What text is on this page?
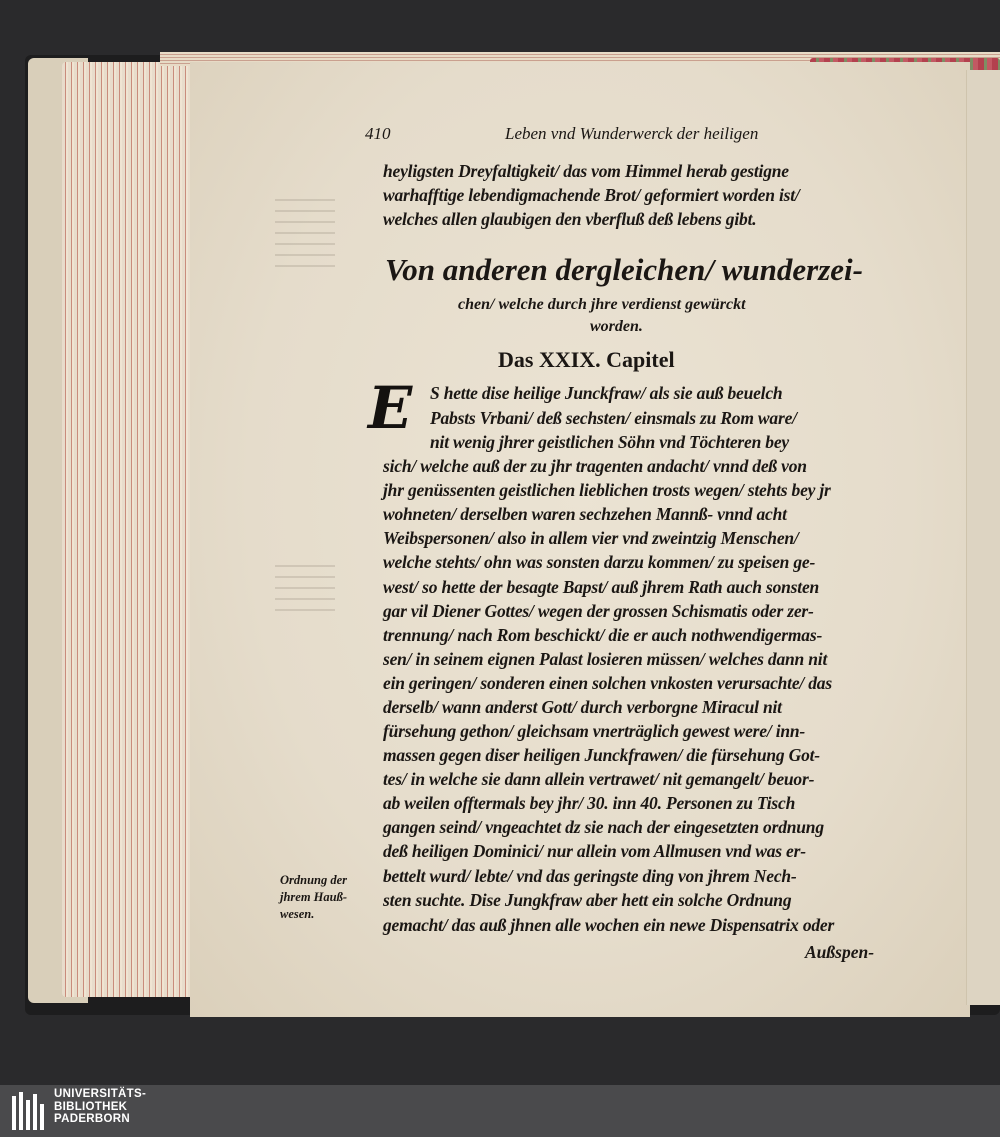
410	Leben vnd Wunderwerck der heiligen
heyligsten Dreyfaltigkeit/ das vom Himmel herab gestigne
warhafftige lebendigmachende Brot/ geformiert worden ist/
welches allen glaubigen den vberfluß deß lebens gibt.
Von anderen dergleichen/ wunderzei-
chen/ welche durch jhre verdienst gewürckt
worden.
Das XXIX. Capitel
E S hette dise heilige Junckfraw/ als sie auß beuelch
Pabsts Vrbani/ deß sechsten/ einsmals zu Rom ware/
nit wenig jhrer geistlichen Söhn vnd Töchteren bey
sich/ welche auß der zu jhr tragenten andacht/ vnnd deß von
jhr genüssenten geistlichen lieblichen trosts wegen/ stehts bey jr
wohneten/ derselben waren sechzehen Mannß- vnnd acht
Weibspersonen/ also in allem vier vnd zweintzig Menschen/
welche stehts/ ohn was sonsten darzu kommen/ zu speisen ge-
west/ so hette der besagte Bapst/ auß jhrem Rath auch sonsten
gar vil Diener Gottes/ wegen der grossen Schismatis oder zer-
trennung/ nach Rom beschickt/ die er auch nothwendigermas-
sen/ in seinem eignen Palast losieren müssen/ welches dann nit
ein geringen/ sonderen einen solchen vnkosten verursachte/ das
derselb/ wann anderst Gott/ durch verborgne Miracul nit
fürsehung gethon/ gleichsam vnerträglich gewest were/ inn-
massen gegen diser heiligen Junckfrawen/ die fürsehung Got-
tes/ in welche sie dann allein vertrawet/ nit gemangelt/ beuor-
ab weilen offtermals bey jhr/ 30. inn 40. Personen zu Tisch
gangen seind/ vngeachtet dz sie nach der eingesetzten ordnung
deß heiligen Dominici/ nur allein vom Allmusen vnd was er-
bettelt wurd/ lebte/ vnd das geringste ding von jhrem Nech-
sten suchte. Dise Jungkfraw aber hett ein solche Ordnung
gemacht/ das auß jhnen alle wochen ein newe Dispensatrix oder
Außspen-
Ordnung der
jhrem Hauß-
wesen.
UNIVERSITÄTS-
BIBLIOTHEK
PADERBORN
